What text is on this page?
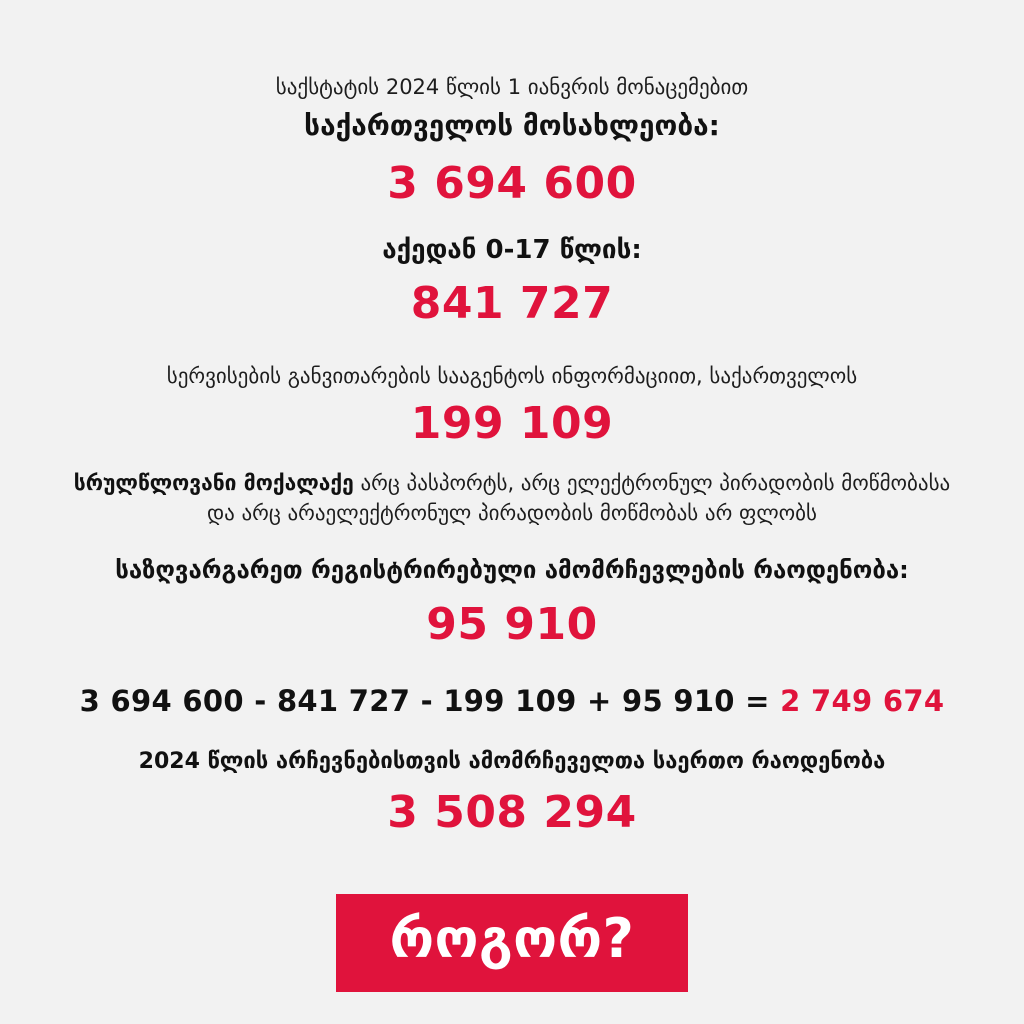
საქსტატის 2024 წლის 1 იანვრის მონაცემებით
საქართველოს მოსახლეობა:
3 694 600
აქედან 0-17 წლის:
841 727
სერვისების განვითარების სააგენტოს ინფორმაციით, საქართველოს
199 109
სრულწლოვანი მოქალაქე არც პასპორტს, არც ელექტრონულ პირადობის მოწმობასა და არც არაელექტრონულ პირადობის მოწმობას არ ფლობს
საზღვარგარეთ რეგისტრირებული ამომრჩევლების რაოდენობა:
95 910
3 694 600 - 841 727 - 199 109 + 95 910 = 2 749 674
2024 წლის არჩევნებისთვის ამომრჩეველთა საერთო რაოდენობა
3 508 294
როგორ?
